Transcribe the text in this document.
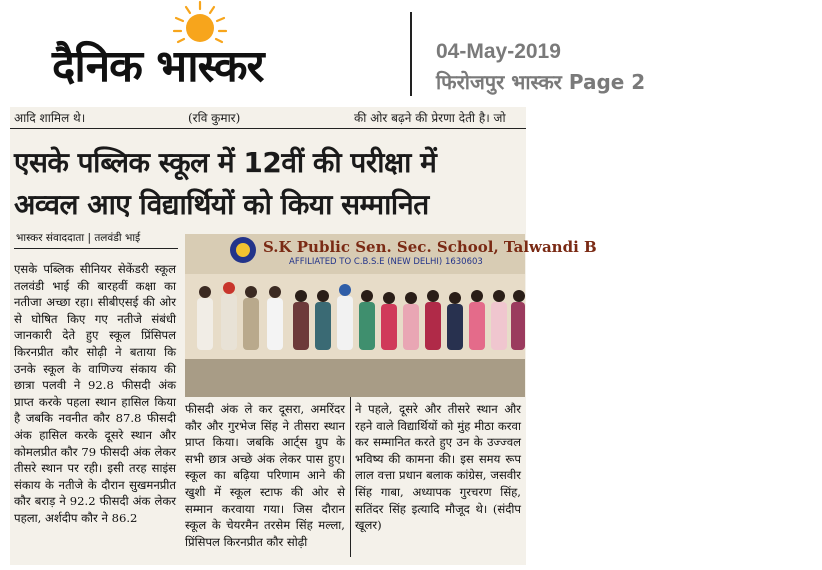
दैनिक भास्कर	04-May-2019
फिरोजपुर भास्कर Page 2
आदि शामिल थे।	(रवि कुमार)	की ओर बढ़ने की प्रेरणा देती है। जो
एसके पब्लिक स्कूल में 12वीं की परीक्षा में
अव्वल आए विद्यार्थियों को किया सम्मानित
भास्कर संवाददाता | तलवंडी भाई	S.K Public Sen. Sec. School, Talwandi B
AFFILIATED TO C.B.S.E (NEW DELHI) 1630603
एसके पब्लिक सीनियर सेकेंडरी स्कूल तलवंडी भाई की बारहवीं कक्षा का नतीजा अच्छा रहा। सीबीएसई की ओर से घोषित किए गए नतीजे संबंधी जानकारी देते हुए स्कूल प्रिंसिपल किरनप्रीत कौर सोढ़ी ने बताया कि उनके स्कूल के वाणिज्य संकाय की छात्रा पलवी ने 92.8 फीसदी अंक प्राप्त करके पहला स्थान हासिल किया है जबकि नवनीत कौर 87.8 फीसदी अंक हासिल करके दूसरे स्थान और कोमलप्रीत कौर 79 फीसदी अंक लेकर तीसरे स्थान पर रही। इसी तरह साइंस संकाय के नतीजे के दौरान सुखमनप्रीत कौर बराड़ ने 92.2 फीसदी अंक लेकर पहला, अर्शदीप कौर ने 86.2
फीसदी अंक ले कर दूसरा, अमरिंदर कौर और गुरभेज सिंह ने तीसरा स्थान प्राप्त किया। जबकि आर्ट्स ग्रुप के सभी छात्र अच्छे अंक लेकर पास हुए। स्कूल का बढ़िया परिणाम आने की खुशी में स्कूल स्टाफ की ओर से सम्मान करवाया गया। जिस दौरान स्कूल के चेयरमैन तरसेम सिंह मल्ला, प्रिंसिपल किरनप्रीत कौर सोढ़ी
ने पहले, दूसरे और तीसरे स्थान और रहने वाले विद्यार्थियों को मुंह मीठा करवा कर सम्मानित करते हुए उन के उज्ज्वल भविष्य की कामना की। इस समय रूप लाल वत्ता प्रधान बलाक कांग्रेस, जसवीर सिंह गाबा, अध्यापक गुरचरण सिंह, सतिंदर सिंह इत्यादि मौजूद थे। (संदीप खूलर)
